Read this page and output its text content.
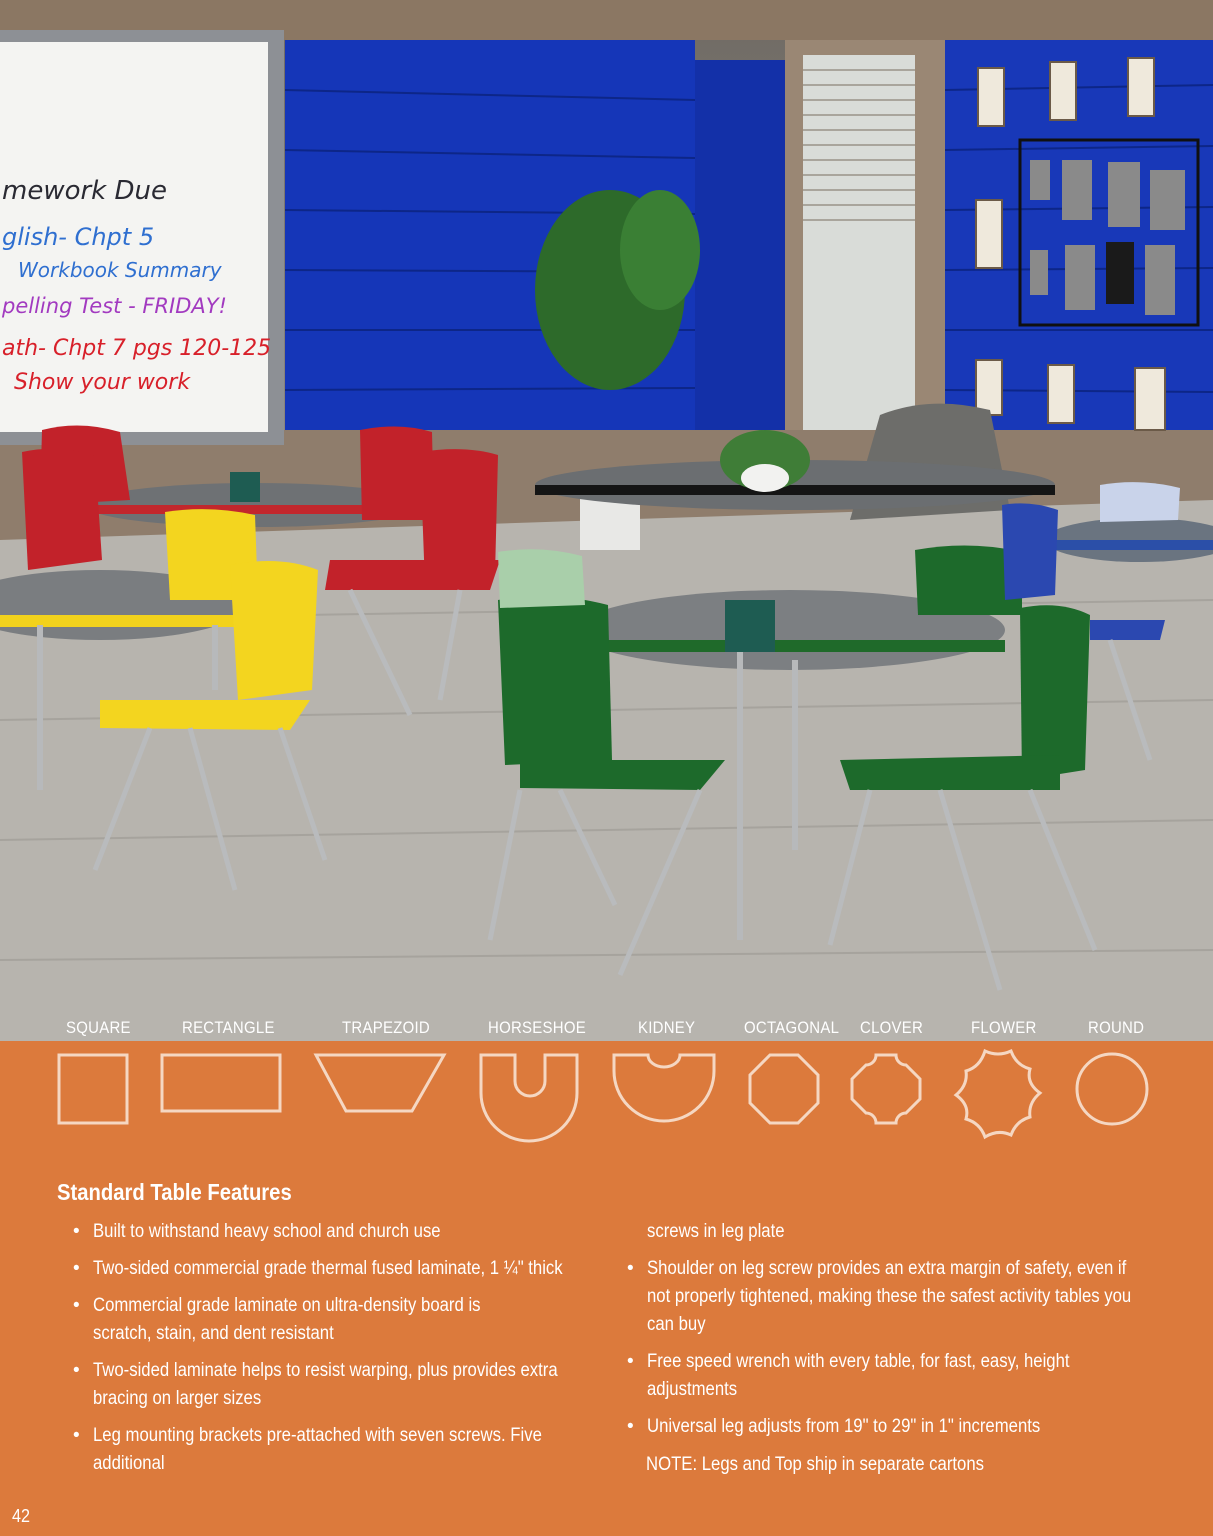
mework Due
glish- Chpt 5
Workbook Summary
pelling Test - FRIDAY!
ath- Chpt 7 pgs 120-125
Show your work
SQUARE	RECTANGLE	TRAPEZOID	HORSESHOE	KIDNEY	OCTAGONAL CLOVER	FLOWER	ROUND
Standard Table Features
• Built to withstand heavy school and church use
• Two-sided commercial grade thermal fused laminate, 1 ¼" thick
• Commercial grade laminate on ultra-density board is scratch, stain, and dent resistant
• Two-sided laminate helps to resist warping, plus provides extra bracing on larger sizes
• Leg mounting brackets pre-attached with seven screws. Five additional
screws in leg plate
• Shoulder on leg screw provides an extra margin of safety, even if not properly tightened, making these the safest activity tables you can buy
• Free speed wrench with every table, for fast, easy, height adjustments
• Universal leg adjusts from 19" to 29" in 1" increments
NOTE: Legs and Top ship in separate cartons
42
